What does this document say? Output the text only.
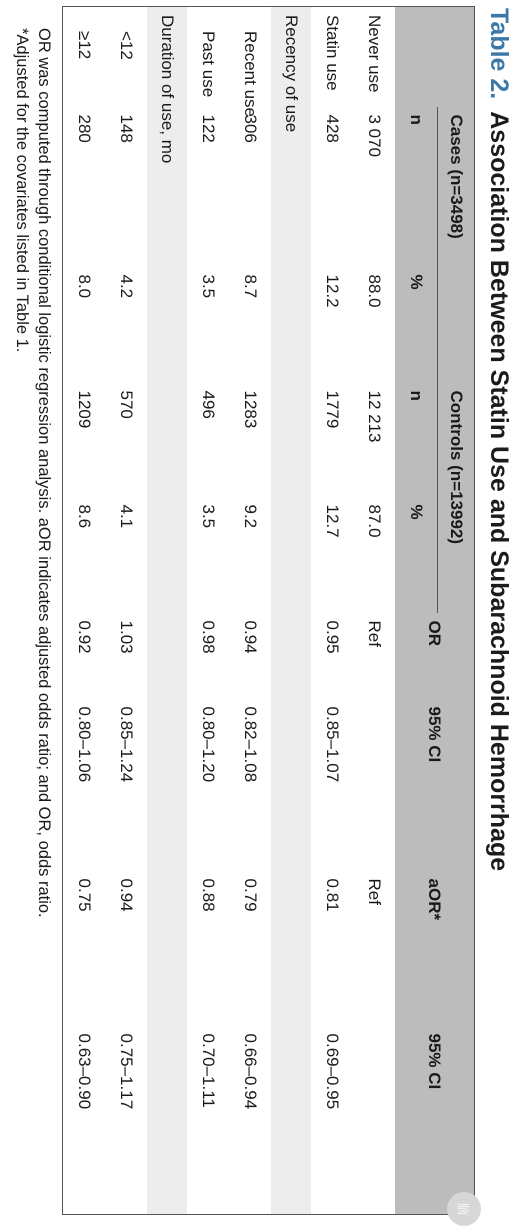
Table 2.Association Between Statin Use and Subarachnoid Hemorrhage
	Cases (n=3498)		Controls (n=13992)		OR	95% CI	aOR*	95% CI
	n	%	n	%				
Never use	3 070	88.0	12 213	87.0	Ref		Ref	
Statin use	428	12.2	1779	12.7	0.95	0.85–1.07	0.81	0.69–0.95
Recency of use								
Recent use	306	8.7	1283	9.2	0.94	0.82–1.08	0.79	0.66–0.94
Past use	122	3.5	496	3.5	0.98	0.80–1.20	0.88	0.70–1.11
Duration of use, mo								
<12	148	4.2	570	4.1	1.03	0.85–1.24	0.94	0.75–1.17
≥12	280	8.0	1209	8.6	0.92	0.80–1.06	0.75	0.63–0.90
OR was computed through conditional logistic regression analysis. aOR indicates adjusted odds ratio; and OR, odds ratio.
*Adjusted for the covariates listed in Table 1.
脑
